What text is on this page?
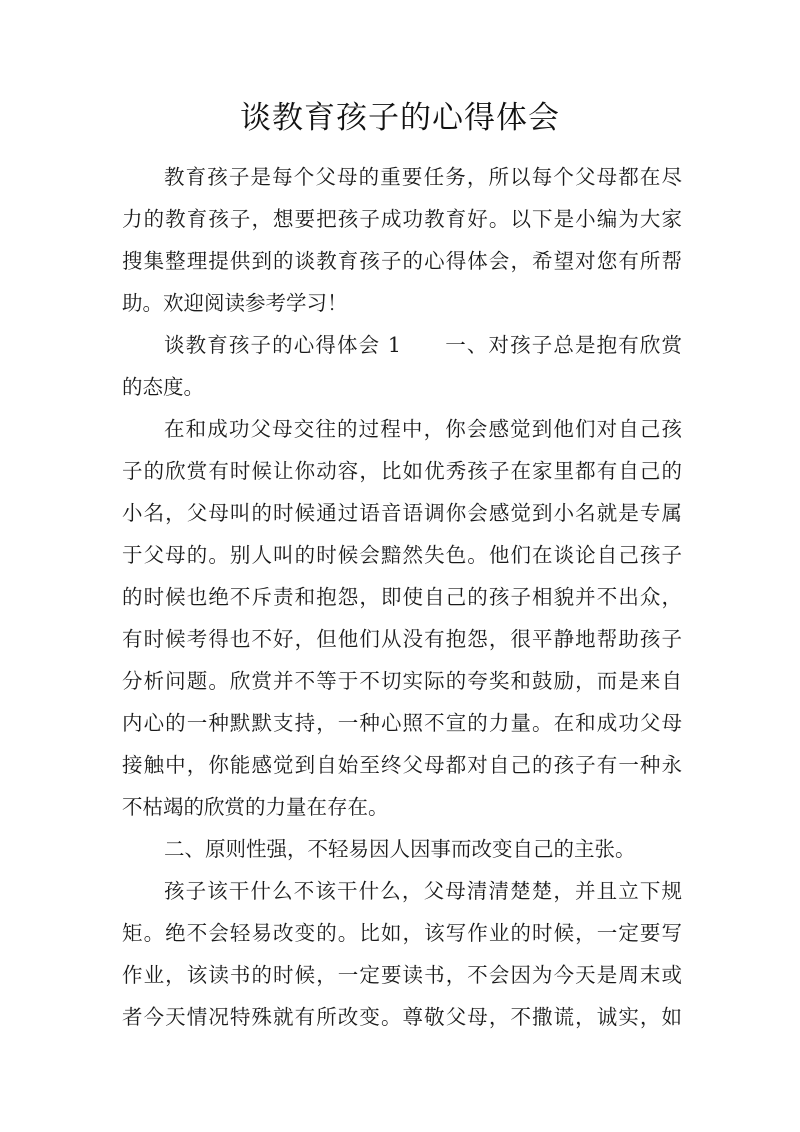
谈教育孩子的心得体会
教育孩子是每个父母的重要任务，所以每个父母都在尽
力的教育孩子，想要把孩子成功教育好。以下是小编为大家
搜集整理提供到的谈教育孩子的心得体会，希望对您有所帮
助。欢迎阅读参考学习！
谈教育孩子的心得体会 1　　一、对孩子总是抱有欣赏
的态度。
在和成功父母交往的过程中，你会感觉到他们对自己孩
子的欣赏有时候让你动容，比如优秀孩子在家里都有自己的
小名，父母叫的时候通过语音语调你会感觉到小名就是专属
于父母的。别人叫的时候会黯然失色。他们在谈论自己孩子
的时候也绝不斥责和抱怨，即使自己的孩子相貌并不出众，
有时候考得也不好，但他们从没有抱怨，很平静地帮助孩子
分析问题。欣赏并不等于不切实际的夸奖和鼓励，而是来自
内心的一种默默支持，一种心照不宣的力量。在和成功父母
接触中，你能感觉到自始至终父母都对自己的孩子有一种永
不枯竭的欣赏的力量在存在。
二、原则性强，不轻易因人因事而改变自己的主张。
孩子该干什么不该干什么，父母清清楚楚，并且立下规
矩。绝不会轻易改变的。比如，该写作业的时候，一定要写
作业，该读书的时候，一定要读书，不会因为今天是周末或
者今天情况特殊就有所改变。尊敬父母，不撒谎，诚实，如
